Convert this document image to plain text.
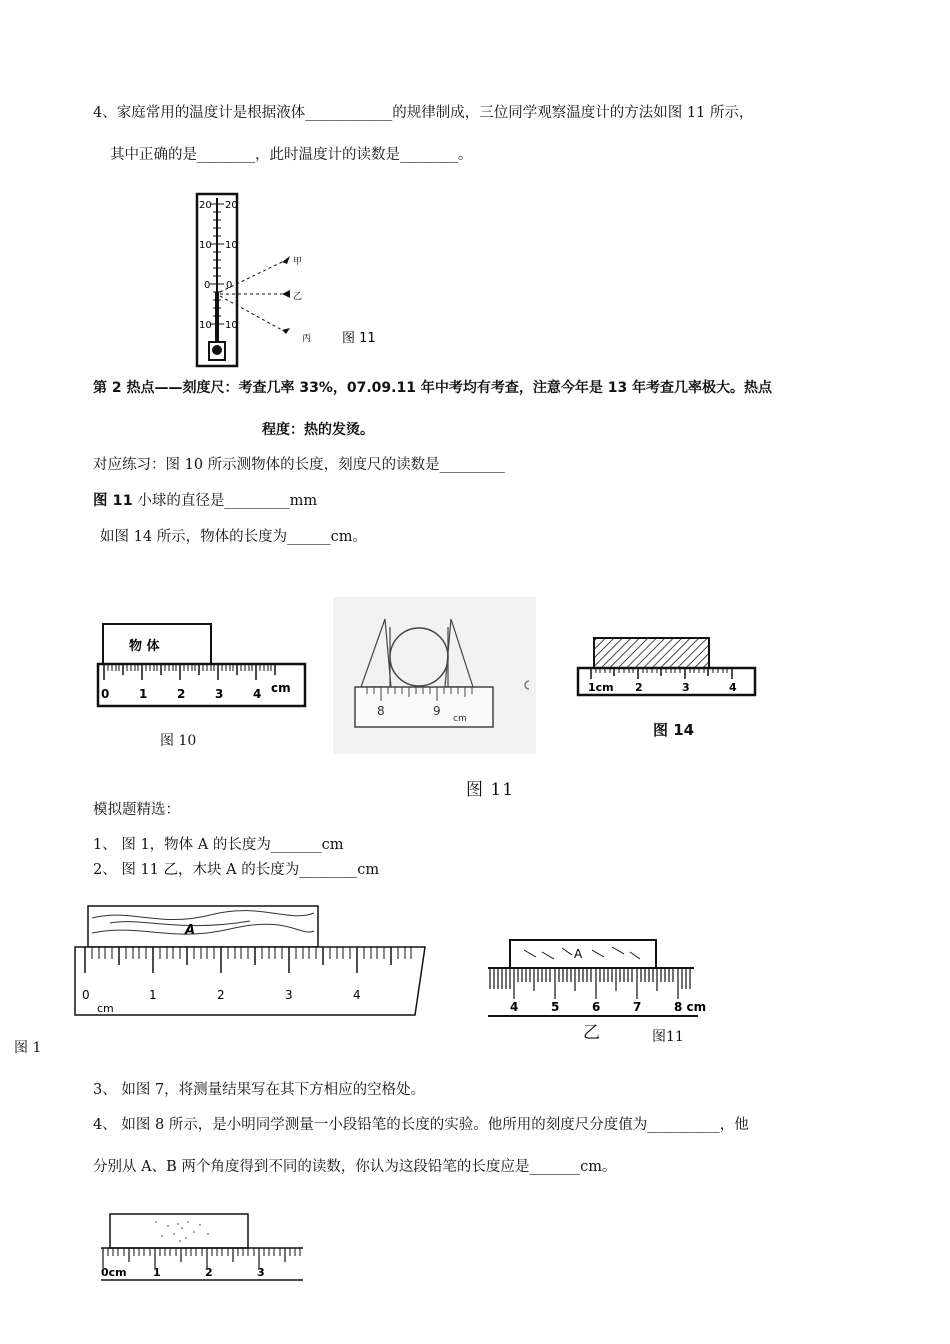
4、家庭常用的温度计是根据液体____________的规律制成，三位同学观察温度计的方法如图 11 所示，
其中正确的是________，此时温度计的读数是________。
20 20
10 10
0 0
10 10
甲
乙
丙 图 11
第 2 热点——刻度尺：考查几率 33%，07.09.11 年中考均有考查，注意今年是 13 年考查几率极大。热点
程度：热的发烫。
对应练习：图 10 所示测物体的长度，刻度尺的读数是_________
图 11 小球的直径是_________mm
如图 14 所示，物体的长度为______cm。
物 体
0 1 2 3 4 cm
图 10
8	9
cm
图 11
1cm 2	3	4
图 14
模拟题精选：
1、 图 1，物体 A 的长度为_______cm
2、 图 11 乙，木块 A 的长度为________cm
A
0	1	2	3	4
cm
图 1
A
4	5	6	7	8 cm
乙	图11
3、 如图 7，将测量结果写在其下方相应的空格处。
4、 如图 8 所示，是小明同学测量一小段铅笔的长度的实验。他所用的刻度尺分度值为__________，他
分别从 A、B 两个角度得到不同的读数，你认为这段铅笔的长度应是_______cm。
0cm 1	2	3
